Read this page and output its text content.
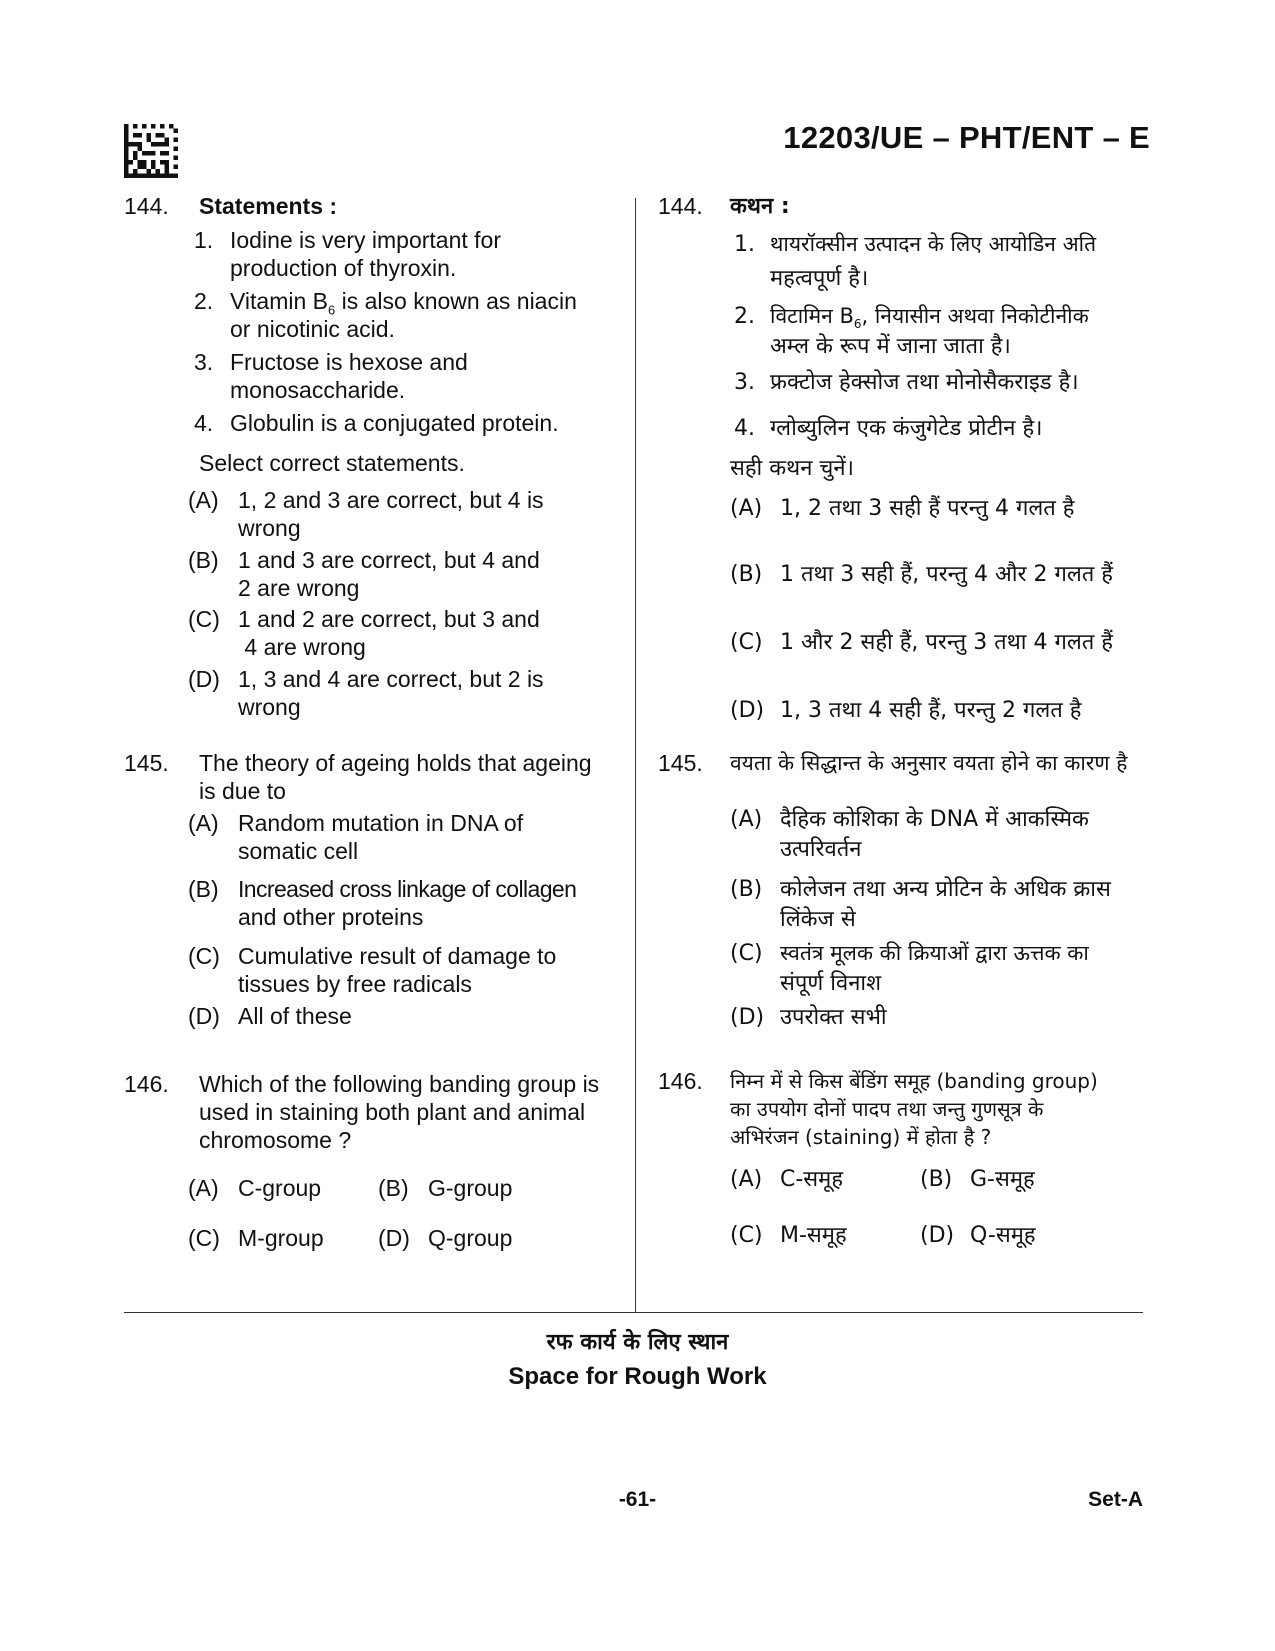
12203/UE – PHT/ENT – E
144. Statements :
1. Iodine is very important for
production of thyroxin.
2. Vitamin $B_6$ is also known as niacin
or nicotinic acid.
3. Fructose is hexose and
monosaccharide.
4. Globulin is a conjugated protein.
Select correct statements.
(A) 1, 2 and 3 are correct, but 4 is
wrong
(B) 1 and 3 are correct, but 4 and
2 are wrong
(C) 1 and 2 are correct, but 3 and
4 are wrong
(D) 1, 3 and 4 are correct, but 2 is
wrong
145. The theory of ageing holds that ageing
is due to
(A) Random mutation in DNA of
somatic cell
(B) Increased cross linkage of collagen
and other proteins
(C) Cumulative result of damage to
tissues by free radicals
(D) All of these
146. Which of the following banding group is
used in staining both plant and animal
chromosome ?
(A) C-group (B) G-group
(C) M-group (D) Q-group
144. कथन :
1. थायरॉक्सीन उत्पादन के लिए आयोडिन अति
महत्वपूर्ण है।
2. विटामिन $B_6$, नियासीन अथवा निकोटीनीक
अम्ल के रूप में जाना जाता है।
3. फ्रक्टोज हेक्सोज तथा मोनोसैकराइड है।
4. ग्लोब्युलिन एक कंजुगेटेड प्रोटीन है।
सही कथन चुनें।
(A) 1, 2 तथा 3 सही हैं परन्तु 4 गलत है
(B) 1 तथा 3 सही हैं, परन्तु 4 और 2 गलत हैं
(C) 1 और 2 सही हैं, परन्तु 3 तथा 4 गलत हैं
(D) 1, 3 तथा 4 सही हैं, परन्तु 2 गलत है
145. वयता के सिद्धान्त के अनुसार वयता होने का कारण है
(A) दैहिक कोशिका के DNA में आकस्मिक
उत्परिवर्तन
(B) कोलेजन तथा अन्य प्रोटिन के अधिक क्रास
लिंकेज से
(C) स्वतंत्र मूलक की क्रियाओं द्वारा ऊत्तक का
संपूर्ण विनाश
(D) उपरोक्त सभी
146. निम्न में से किस बेंडिंग समूह (banding group)
का उपयोग दोनों पादप तथा जन्तु गुणसूत्र के
अभिरंजन (staining) में होता है ?
(A) C-समूह	(B) G-समूह
(C) M-समूह	(D) Q-समूह
रफ कार्य के लिए स्थान
Space for Rough Work
-61-	Set-A
